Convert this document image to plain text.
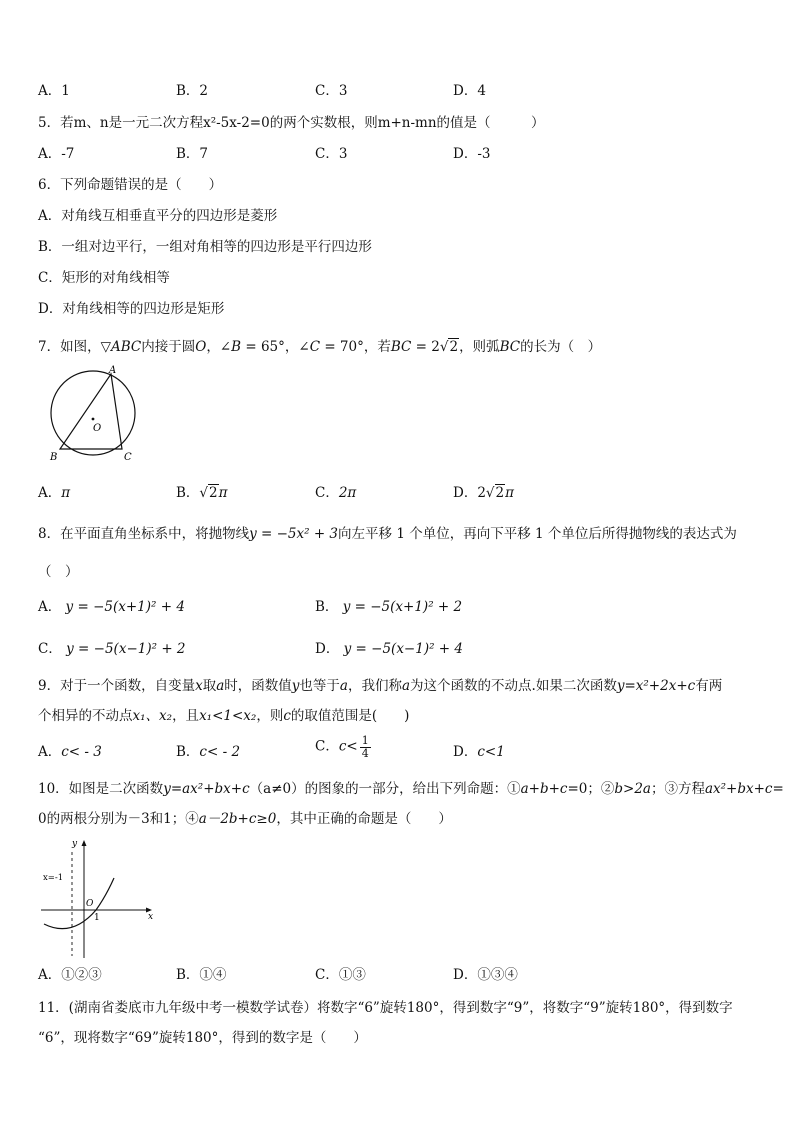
A．1	B．2	C．3	D．4
5．若m、n是一元二次方程x²-5x-2=0的两个实数根，则m+n-mn的值是（　　　）
A．-7	B．7	C．3	D．-3
6．下列命题错误的是（　　）
A．对角线互相垂直平分的四边形是菱形
B．一组对边平行，一组对角相等的四边形是平行四边形
C．矩形的对角线相等
D．对角线相等的四边形是矩形
7．如图，▽ABC内接于圆O，∠B = 65°，∠C = 70°，若BC = 2√2，则弧BC的长为（　）
A
B	C
O
A．π	B．√2π	C．2π	D．2√2π
8．在平面直角坐标系中，将抛物线y = −5x² + 3向左平移 1 个单位，再向下平移 1 个单位后所得抛物线的表达式为
（　）
A． y = −5(x+1)² + 4	B． y = −5(x+1)² + 2
C． y = −5(x−1)² + 2	D． y = −5(x−1)² + 4
9．对于一个函数，自变量x取a时，函数值y也等于a，我们称a为这个函数的不动点.如果二次函数y=x²+2x+c有两
个相异的不动点x₁、x₂，且x₁<1<x₂，则c的取值范围是(　　)
A．c< - 3	B．c< - 2	C．$c< \frac{1}{4}$	D．c<1
10．如图是二次函数y=ax²+bx+c（a≠0）的图象的一部分，给出下列命题：①a+b+c=0；②b>2a；③方程ax²+bx+c=
0的两根分别为－3和1；④a－2b+c≥0，其中正确的命题是（　　）
y
x
O
1
x=-1
A．①②③	B．①④	C．①③	D．①③④
11．(湖南省娄底市九年级中考一模数学试卷）将数字“6”旋转180°，得到数字“9”，将数字“9”旋转180°，得到数字
“6”，现将数字“69”旋转180°，得到的数字是（　　）
